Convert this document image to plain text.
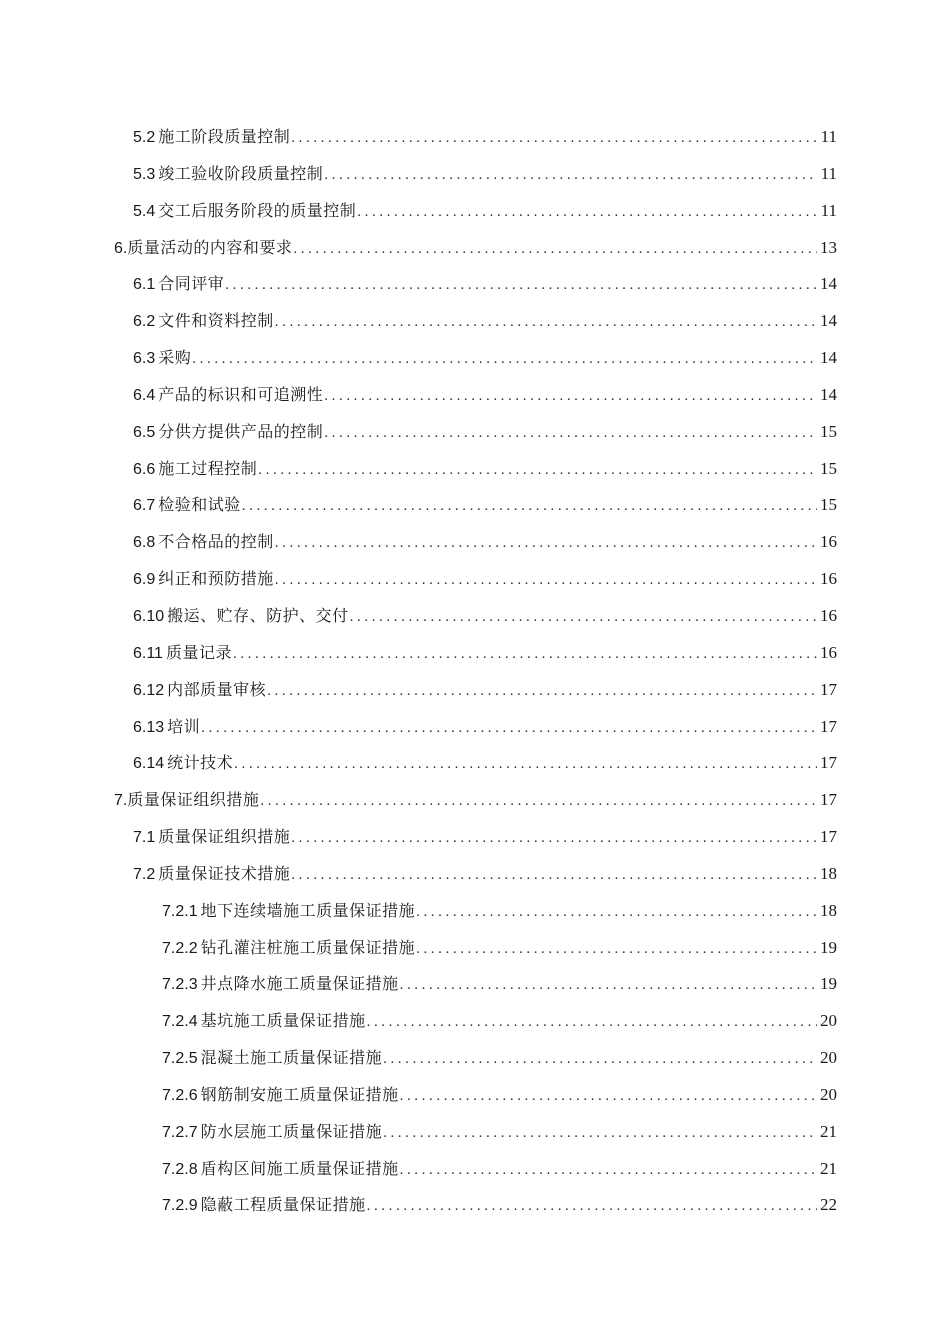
5.2 施工阶段质量控制 .....	11
5.3 竣工验收阶段质量控制 .....	11
5.4 交工后服务阶段的质量控制 .....	11
6. 质量活动的内容和要求 .....	13
6.1 合同评审 .....	14
6.2 文件和资料控制 .....	14
6.3 采购 .....	14
6.4 产品的标识和可追溯性 .....	14
6.5 分供方提供产品的控制 .....	15
6.6 施工过程控制 .....	15
6.7 检验和试验 .....	15
6.8 不合格品的控制 .....	16
6.9 纠正和预防措施 .....	16
6.10 搬运、贮存、防护、交付 .....	16
6.11 质量记录 .....	16
6.12 内部质量审核 .....	17
6.13 培训 .....	17
6.14 统计技术 .....	17
7. 质量保证组织措施 .....	17
7.1 质量保证组织措施 .....	17
7.2 质量保证技术措施 .....	18
7.2.1 地下连续墙施工质量保证措施 .....	18
7.2.2 钻孔灌注桩施工质量保证措施 .....	19
7.2.3 井点降水施工质量保证措施 .....	19
7.2.4 基坑施工质量保证措施 .....	20
7.2.5 混凝土施工质量保证措施 .....	20
7.2.6 钢筋制安施工质量保证措施 .....	20
7.2.7 防水层施工质量保证措施 .....	21
7.2.8 盾构区间施工质量保证措施 .....	21
7.2.9 隐蔽工程质量保证措施 .....	22
